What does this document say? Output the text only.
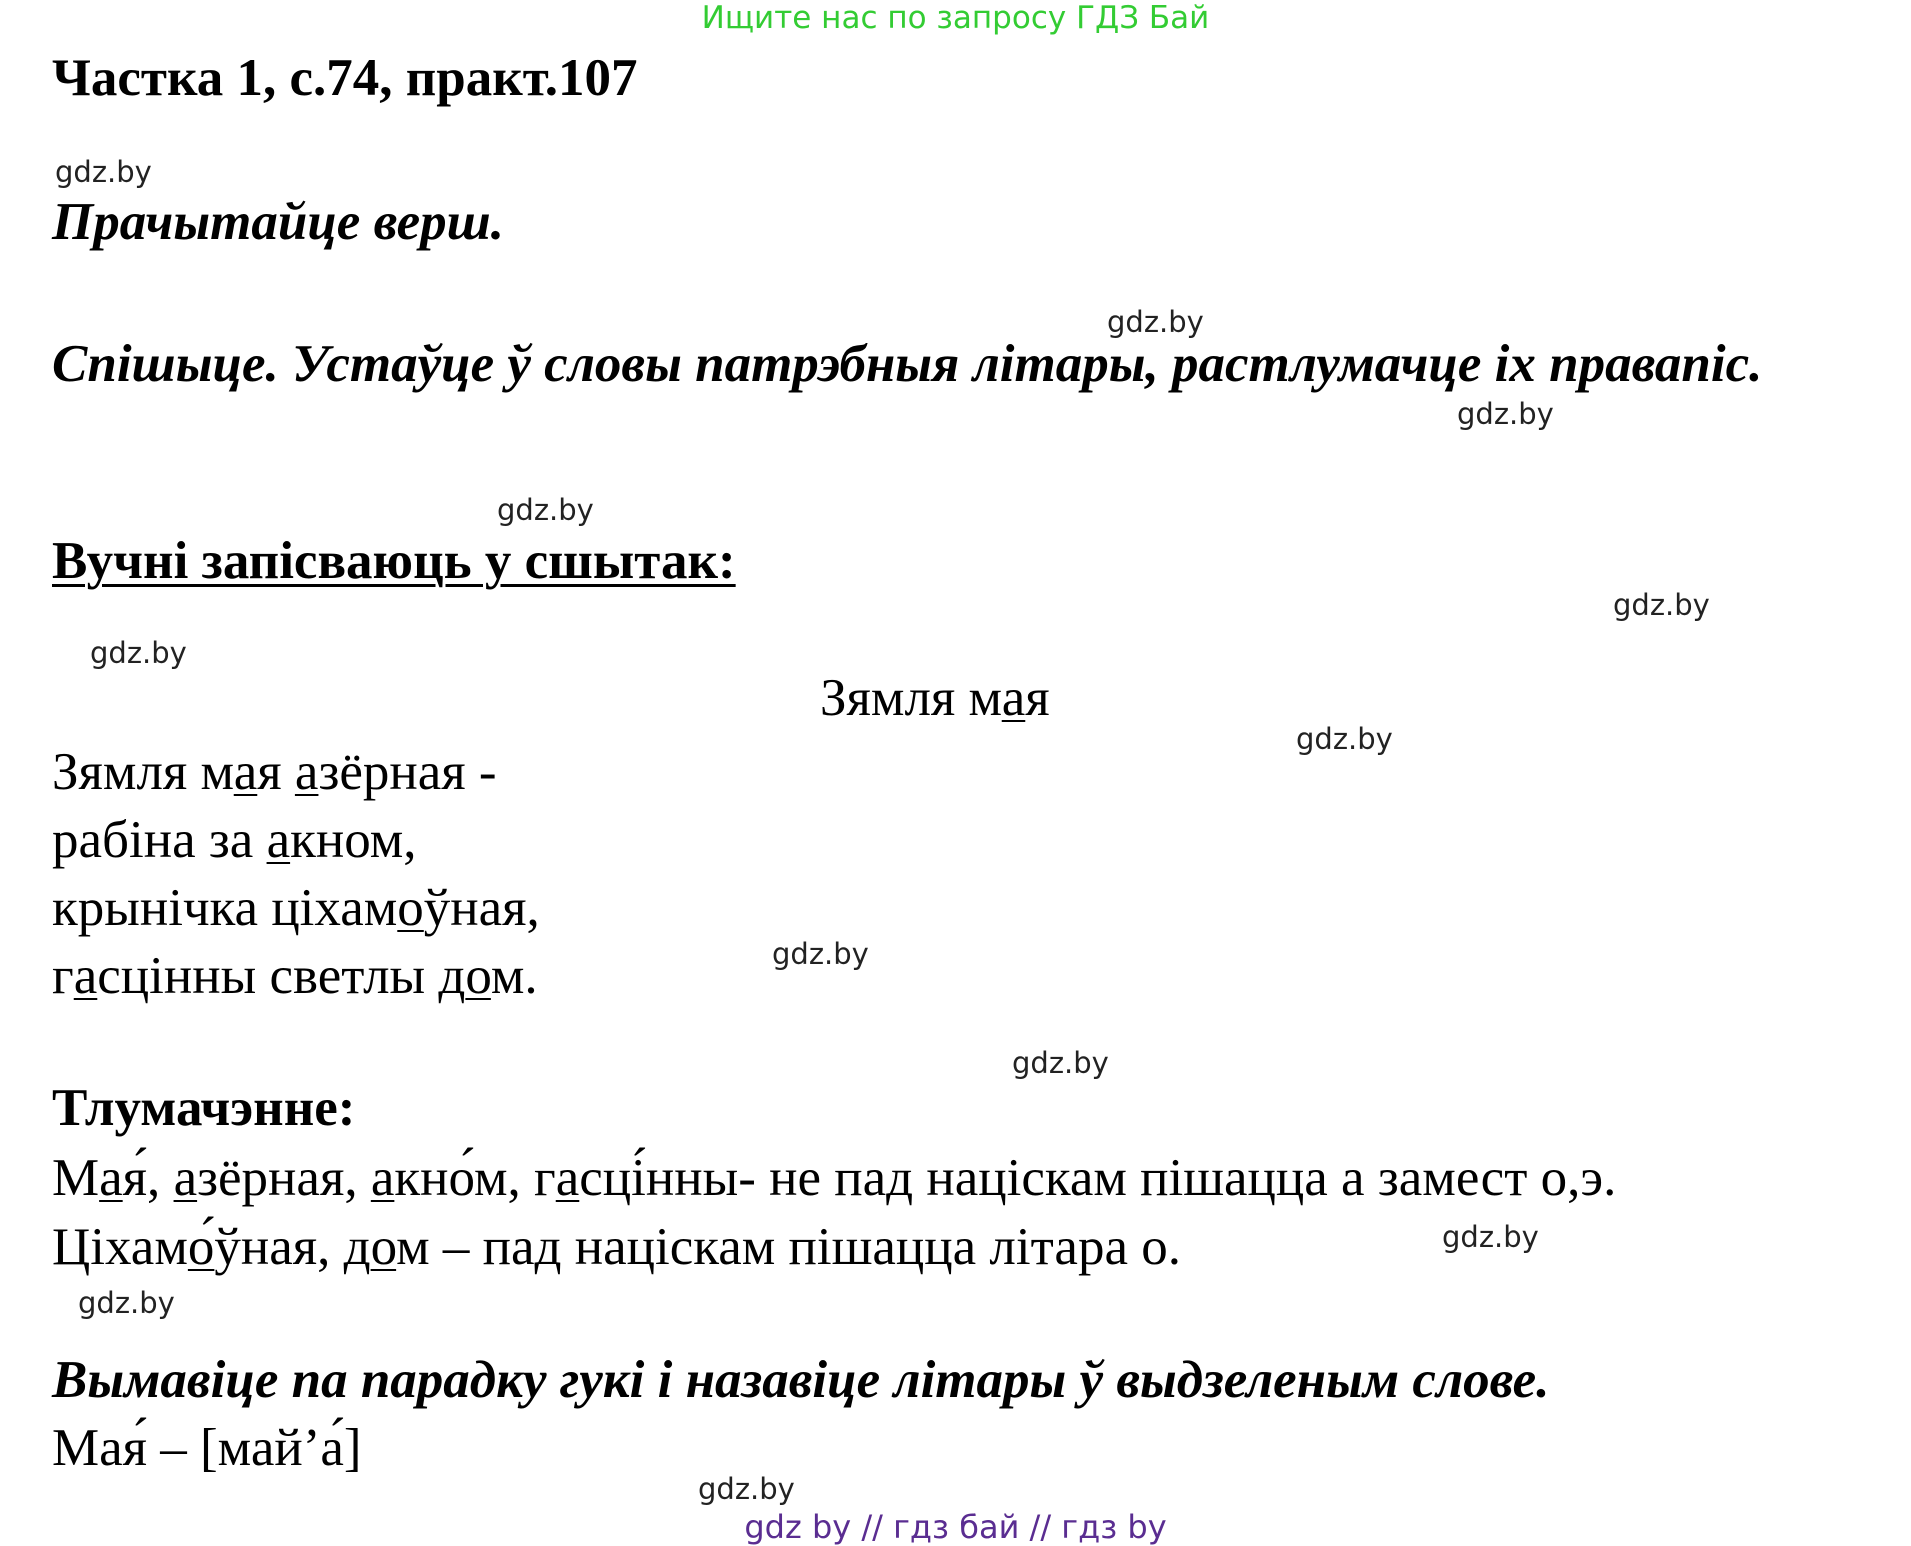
Ищите нас по запросу ГДЗ Бай
Частка 1, с.74, практ.107
Прачытайце верш.
Спішыце. Устаўце ў словы патрэбныя літары, растлумачце іх правапіс.
Вучні запісваюць у сшытак:
Зямля мая
Зямля мая азёрная -
рабіна за акном,
крынічка ціхамоўная,
гасцінны светлы дом.
Тлумачэнне:
Мая́, азёрная, акно́м, гасці́нны- не пад націскам пішацца а замест о,э.
Ціхамо́ўная, дом – пад націскам пішацца літара о.
Вымавіце па парадку гукі і назавіце літары ў выдзеленым слове.
Мая́ – [май’а́]
gdz.by
gdz.by
gdz.by
gdz.by
gdz.by
gdz.by
gdz.by
gdz.by
gdz.by
gdz.by
gdz.by
gdz.by
gdz by // гдз бай // гдз by
